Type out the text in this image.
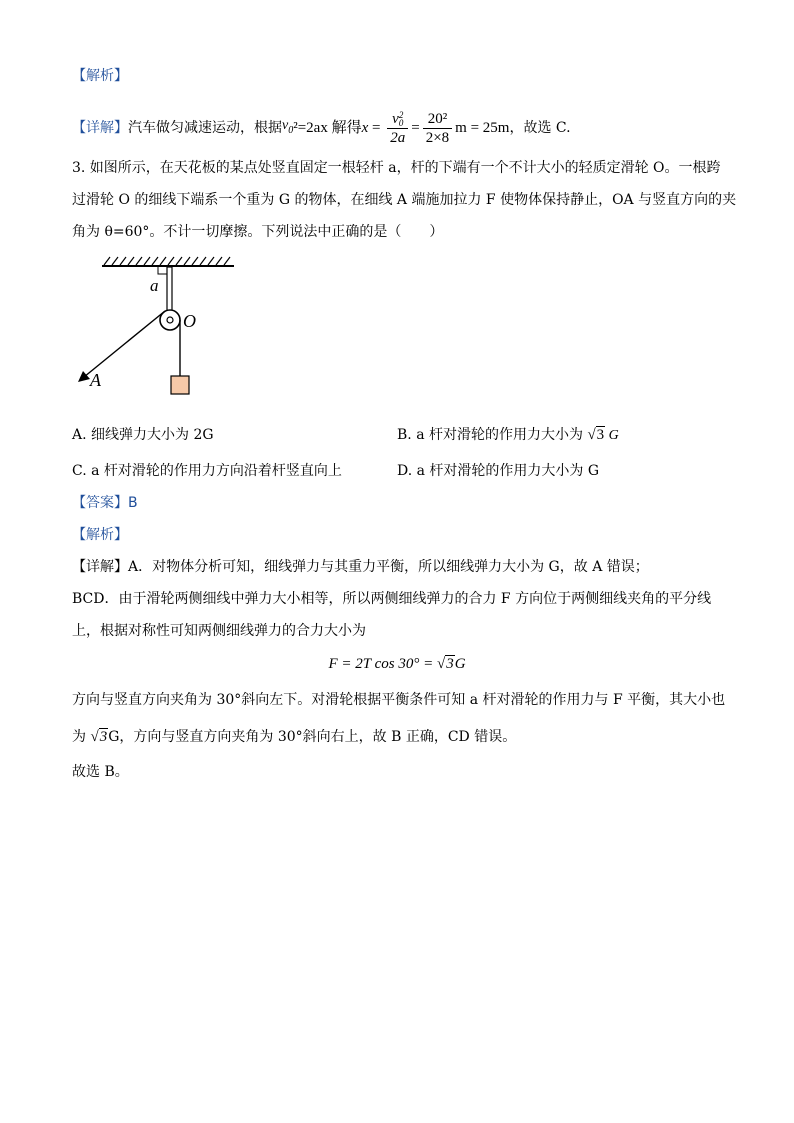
【解析】
【详解】 汽车做匀减速运动，根据 $v_0$ ²=2ax 解得 x = v 2
0
$2a = \frac{\text{20²}}{2\times 8}$ m = 25m ，故选 C.
3. 如图所示，在天花板的某点处竖直固定一根轻杆 a，杆的下端有一个不计大小的轻质定滑轮 O。一根跨
过滑轮 O 的细线下端系一个重为 G 的物体，在细线 A 端施加拉力 F 使物体保持静止，OA 与竖直方向的夹
角为 θ=60°。不计一切摩擦。下列说法中正确的是（　　）
a
O
A
A. 细线弹力大小为 2G	B. a 杆对滑轮的作用力大小为 √3 G
C. a 杆对滑轮的作用力方向沿着杆竖直向上	D. a 杆对滑轮的作用力大小为 G
【答案】B
【解析】
【详解】A．对物体分析可知，细线弹力与其重力平衡，所以细线弹力大小为 G，故 A 错误；
BCD．由于滑轮两侧细线中弹力大小相等，所以两侧细线弹力的合力 F 方向位于两侧细线夹角的平分线
上，根据对称性可知两侧细线弹力的合力大小为
F = 2T cos 30° = √3G
方向与竖直方向夹角为 30°斜向左下。对滑轮根据平衡条件可知 a 杆对滑轮的作用力与 F 平衡，其大小也
为 √3G，方向与竖直方向夹角为 30°斜向右上，故 B 正确，CD 错误。
故选 B。
